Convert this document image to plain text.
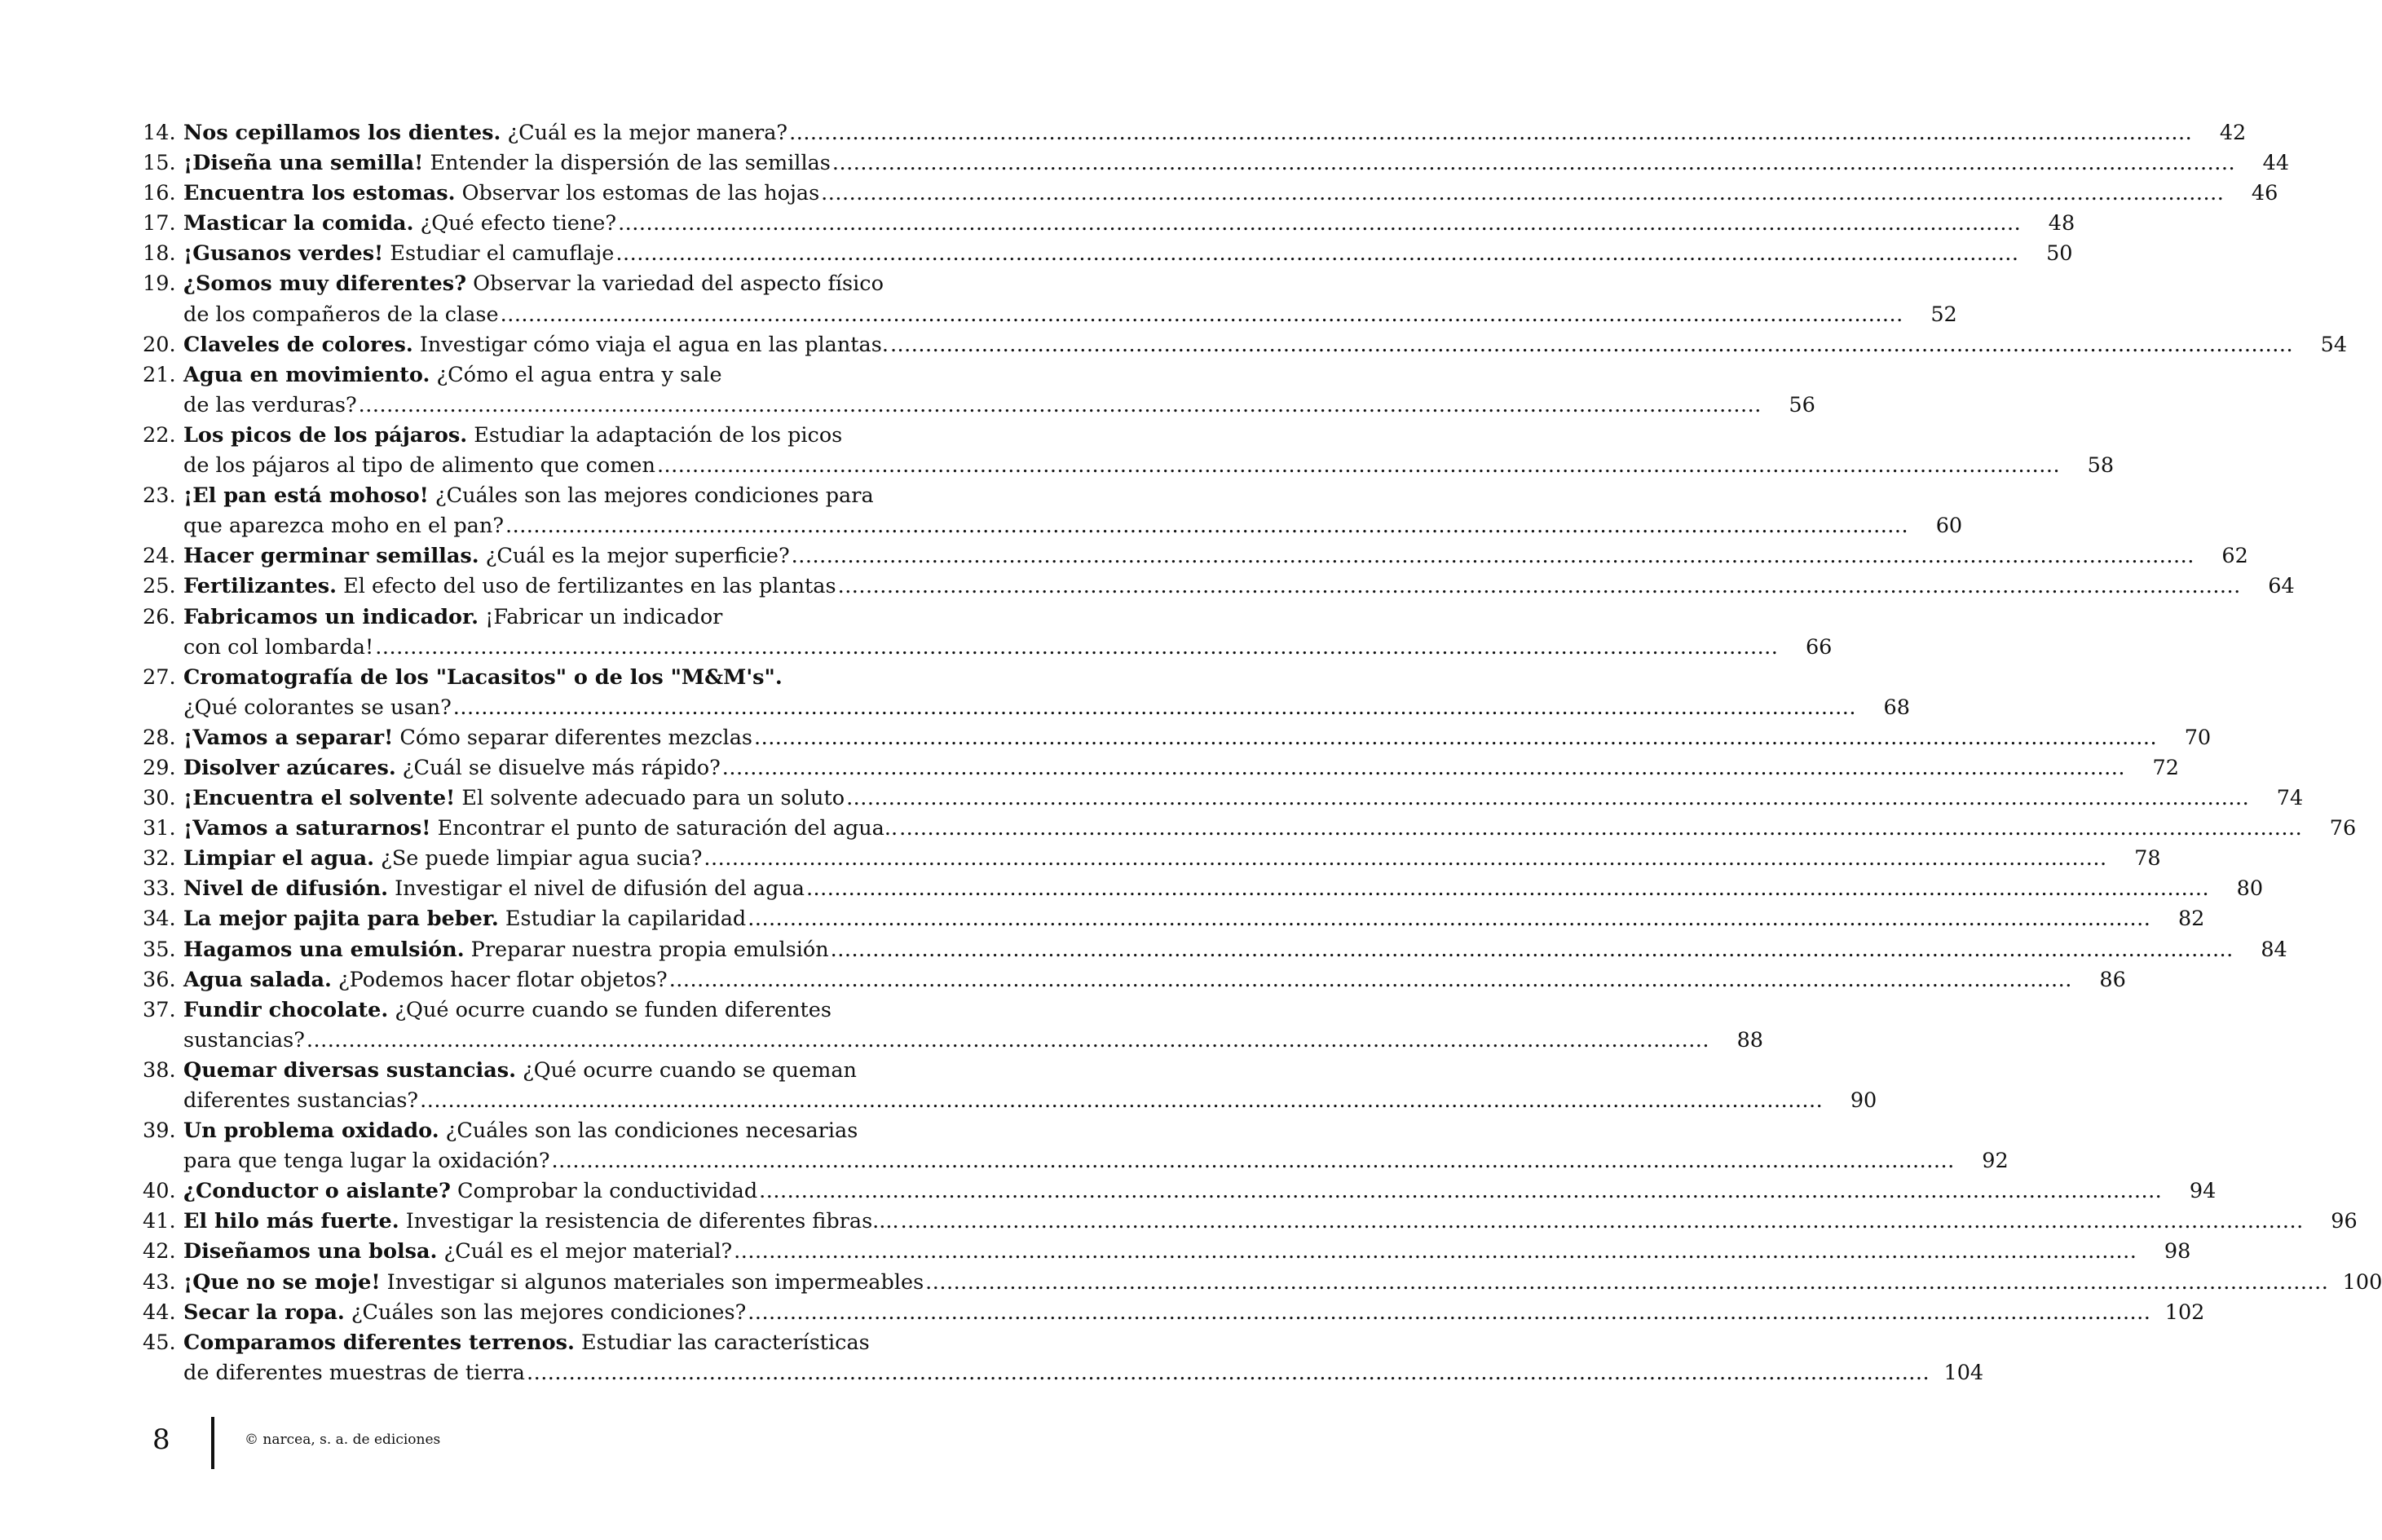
14. Nos cepillamos los dientes. ¿Cuál es la mejor manera? ........................................................................................................................................................................................................	42
15. ¡Diseña una semilla! Entender la dispersión de las semillas ........................................................................................................................................................................................................	44
16. Encuentra los estomas. Observar los estomas de las hojas ........................................................................................................................................................................................................	46
17. Masticar la comida. ¿Qué efecto tiene? ........................................................................................................................................................................................................	48
18. ¡Gusanos verdes! Estudiar el camuflaje ........................................................................................................................................................................................................	50
19. ¿Somos muy diferentes? Observar la variedad del aspecto físico
de los compañeros de la clase ........................................................................................................................................................................................................	52
20. Claveles de colores. Investigar cómo viaja el agua en las plantas. ........................................................................................................................................................................................................	54
21. Agua en movimiento. ¿Cómo el agua entra y sale
de las verduras? ........................................................................................................................................................................................................	56
22. Los picos de los pájaros. Estudiar la adaptación de los picos
de los pájaros al tipo de alimento que comen ........................................................................................................................................................................................................	58
23. ¡El pan está mohoso! ¿Cuáles son las mejores condiciones para
que aparezca moho en el pan? ........................................................................................................................................................................................................	60
24. Hacer germinar semillas. ¿Cuál es la mejor superficie? ........................................................................................................................................................................................................	62
25. Fertilizantes. El efecto del uso de fertilizantes en las plantas ........................................................................................................................................................................................................	64
26. Fabricamos un indicador. ¡Fabricar un indicador
con col lombarda! ........................................................................................................................................................................................................	66
27. Cromatografía de los "Lacasitos" o de los "M&M's".
¿Qué colorantes se usan? ........................................................................................................................................................................................................	68
28. ¡Vamos a separar! Cómo separar diferentes mezclas ........................................................................................................................................................................................................	70
29. Disolver azúcares. ¿Cuál se disuelve más rápido? ........................................................................................................................................................................................................	72
30. ¡Encuentra el solvente! El solvente adecuado para un soluto ........................................................................................................................................................................................................	74
31. ¡Vamos a saturarnos! Encontrar el punto de saturación del agua.. ........................................................................................................................................................................................................	76
32. Limpiar el agua. ¿Se puede limpiar agua sucia? ........................................................................................................................................................................................................	78
33. Nivel de difusión. Investigar el nivel de difusión del agua ........................................................................................................................................................................................................	80
34. La mejor pajita para beber. Estudiar la capilaridad ........................................................................................................................................................................................................	82
35. Hagamos una emulsión. Preparar nuestra propia emulsión ........................................................................................................................................................................................................	84
36. Agua salada. ¿Podemos hacer flotar objetos? ........................................................................................................................................................................................................	86
37. Fundir chocolate. ¿Qué ocurre cuando se funden diferentes
sustancias? ........................................................................................................................................................................................................	88
38. Quemar diversas sustancias. ¿Qué ocurre cuando se queman
diferentes sustancias? ........................................................................................................................................................................................................	90
39. Un problema oxidado. ¿Cuáles son las condiciones necesarias
para que tenga lugar la oxidación? ........................................................................................................................................................................................................	92
40. ¿Conductor o aislante? Comprobar la conductividad ........................................................................................................................................................................................................	94
41. El hilo más fuerte. Investigar la resistencia de diferentes fibras.... ........................................................................................................................................................................................................	96
42. Diseñamos una bolsa. ¿Cuál es el mejor material? ........................................................................................................................................................................................................	98
43. ¡Que no se moje! Investigar si algunos materiales son impermeables ........................................................................................................................................................................................................ 100
44. Secar la ropa. ¿Cuáles son las mejores condiciones? ........................................................................................................................................................................................................ 102
45. Comparamos diferentes terrenos. Estudiar las características
de diferentes muestras de tierra ........................................................................................................................................................................................................ 104
8	© narcea, s. a. de ediciones
